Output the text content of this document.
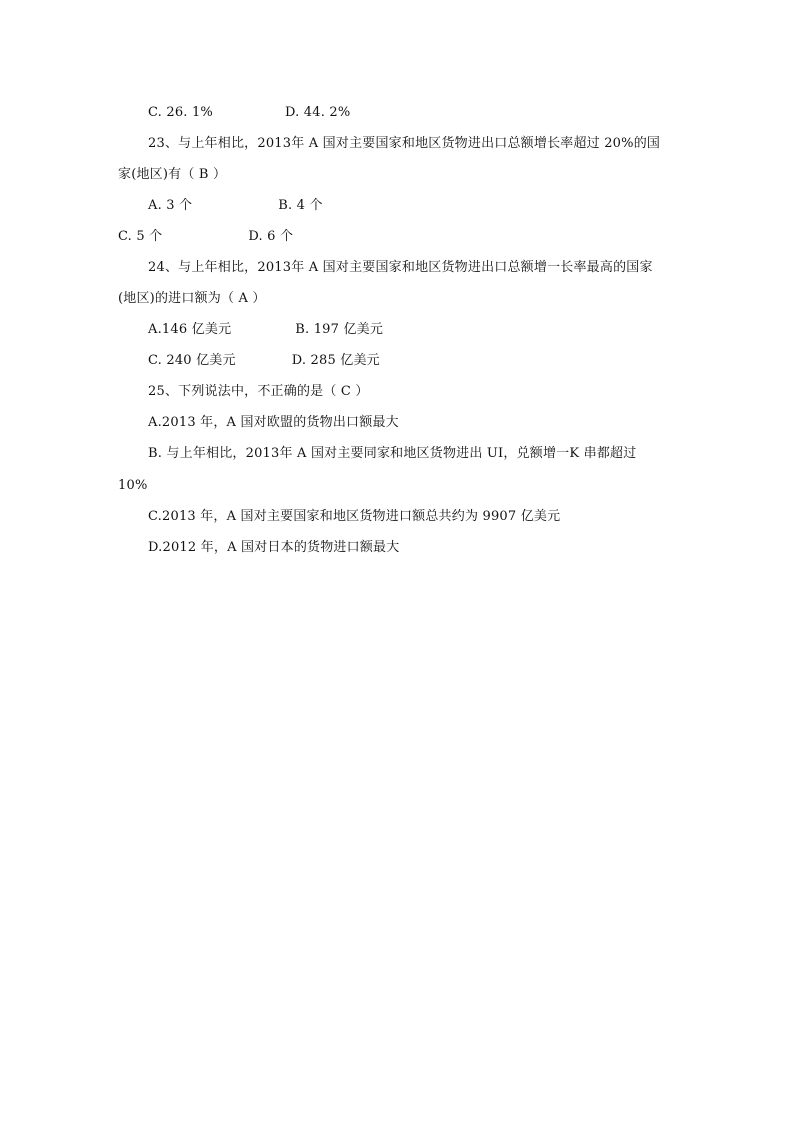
C. 26. 1%	D. 44. 2%
23、与上年相比，2013年 A 国对主要国家和地区货物进出口总额增长率超过 20%的国
家(地区)有（ B ）
A. 3 个	B. 4 个
C. 5 个	D. 6 个
24、与上年相比，2013年 A 国对主要国家和地区货物进出口总额增一长率最高的国家
(地区)的进口额为（ A ）
A.146 亿美元	B. 197 亿美元
C. 240 亿美元	D. 285 亿美元
25、下列说法中，不正确的是（ C ）
A.2013 年，A 国对欧盟的货物出口额最大
B. 与上年相比，2013年 A 国对主要同家和地区货物进出 UI，兑额增一K 串都超过
10%
C.2013 年，A 国对主要国家和地区货物进口额总共约为 9907 亿美元
D.2012 年，A 国对日本的货物进口额最大
